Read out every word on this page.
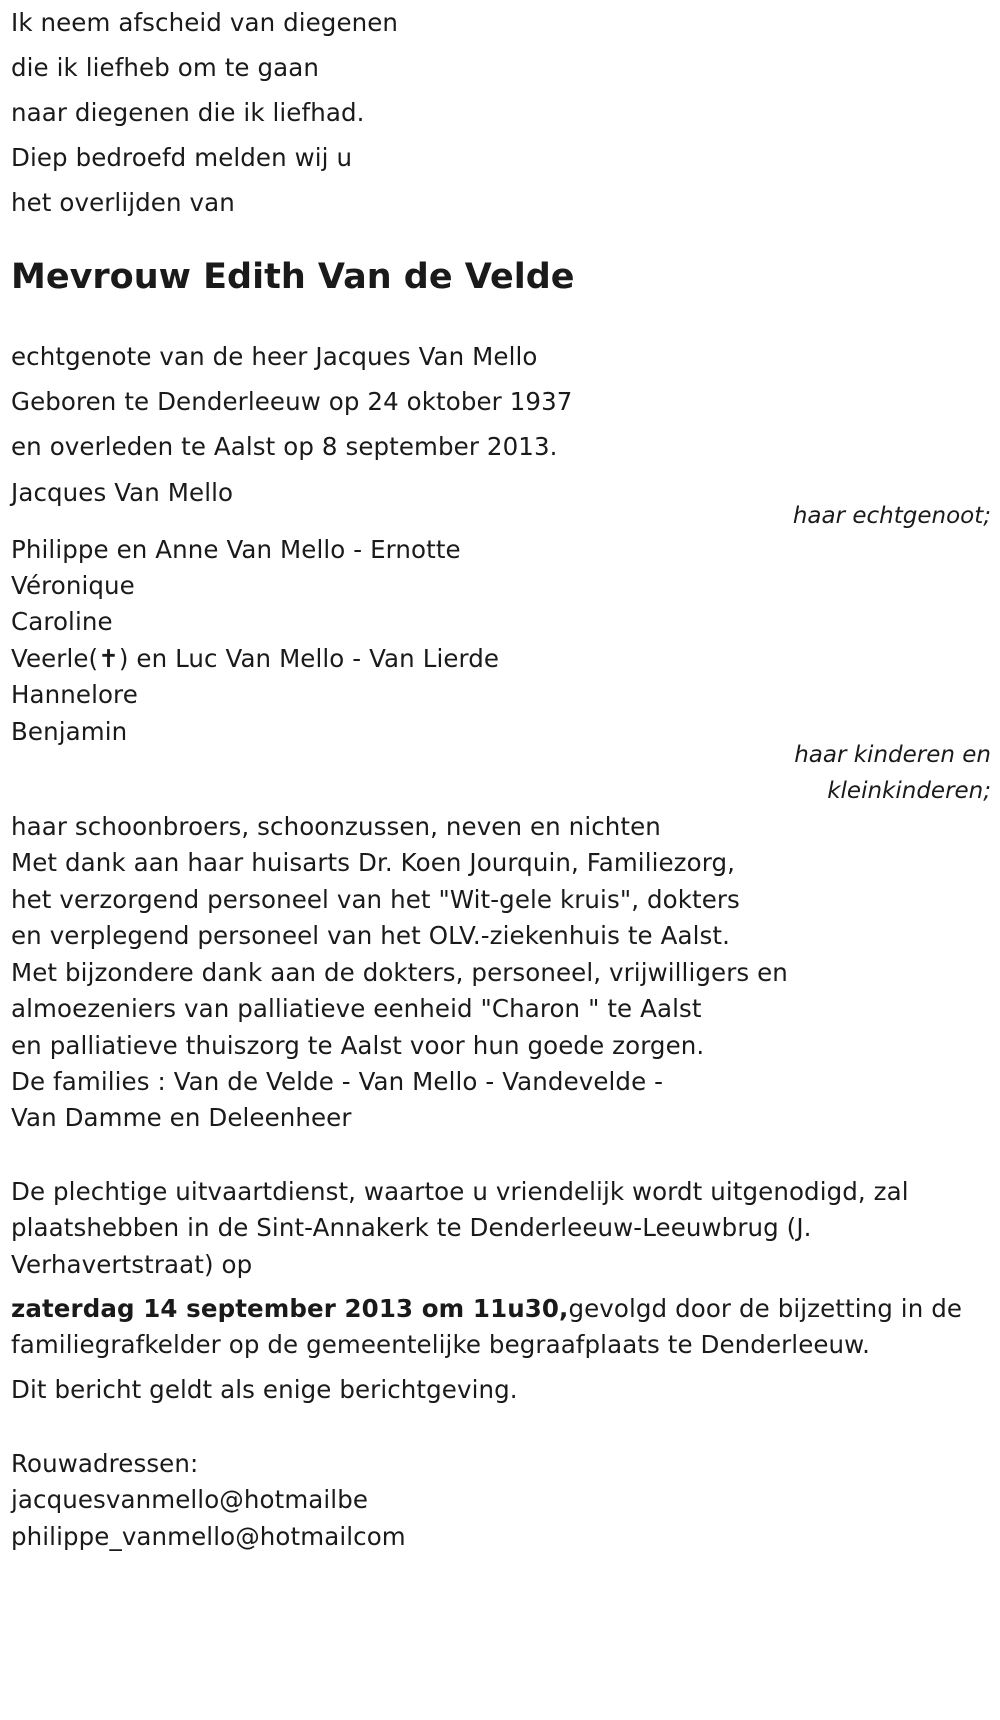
Ik neem afscheid van diegenen
die ik liefheb om te gaan
naar diegenen die ik liefhad.
Diep bedroefd melden wij u
het overlijden van
Mevrouw Edith Van de Velde
echtgenote van de heer Jacques Van Mello
Geboren te Denderleeuw op 24 oktober 1937
en overleden te Aalst op 8 september 2013.
Jacques Van Mello
haar echtgenoot;
Philippe en Anne Van Mello - Ernotte
Véronique
Caroline
Veerle(✝) en Luc Van Mello - Van Lierde
Hannelore
Benjamin
haar kinderen en
kleinkinderen;
haar schoonbroers, schoonzussen, neven en nichten
Met dank aan haar huisarts Dr. Koen Jourquin, Familiezorg,
het verzorgend personeel van het "Wit-gele kruis", dokters
en verplegend personeel van het OLV.-ziekenhuis te Aalst.
Met bijzondere dank aan de dokters, personeel, vrijwilligers en
almoezeniers van palliatieve eenheid "Charon " te Aalst
en palliatieve thuiszorg te Aalst voor hun goede zorgen.
De families : Van de Velde - Van Mello - Vandevelde -
Van Damme en Deleenheer
De plechtige uitvaartdienst, waartoe u vriendelijk wordt uitgenodigd, zal
plaatshebben in de Sint-Annakerk te Denderleeuw-Leeuwbrug (J.
Verhavertstraat) op
zaterdag 14 september 2013 om 11u30,gevolgd door de bijzetting in de
familiegrafkelder op de gemeentelijke begraafplaats te Denderleeuw.
Dit bericht geldt als enige berichtgeving.
Rouwadressen:
jacquesvanmello@hotmailbe
philippe_vanmello@hotmailcom
